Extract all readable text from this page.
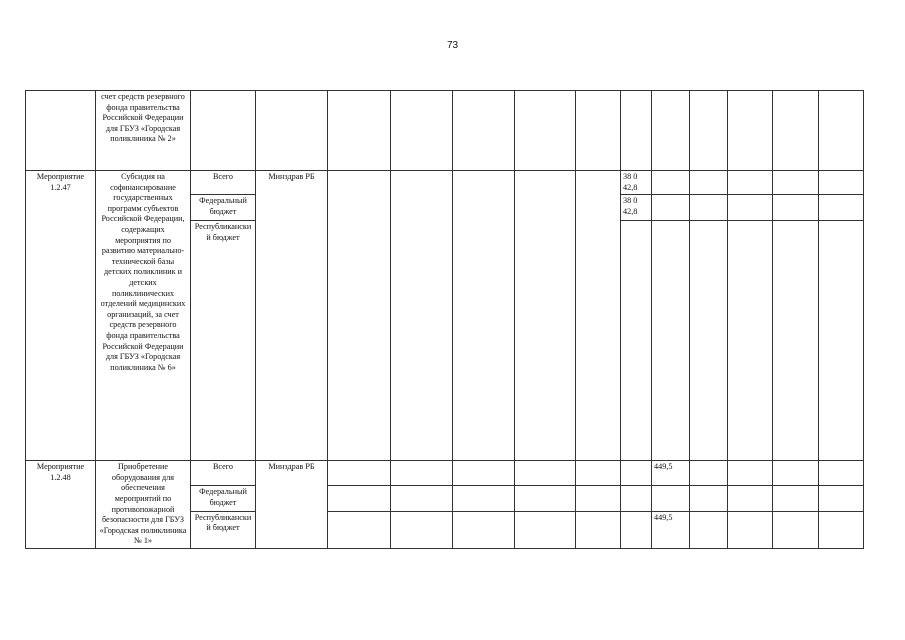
73
	счет средств резервного фонда правительства Российской Федерации для ГБУЗ «Городская поликлиника № 2»													
Мероприятие 1.2.47	Субсидия на софинансирование государственных программ субъектов Российской Федерации, содержащих мероприятия по развитию материально-технической базы детских поликлиник и детских поликлинических отделений медицинских организаций, за счет средств резервного фонда правительства Российской Федерации для ГБУЗ «Городская поликлиника № 6»	Всего	Минздрав РБ						38 0 42,8					
		Федеральный бюджет							38 0 42,8					
		Республиканский бюджет												
Мероприятие 1.2.48	Приобретение оборудования для обеспечения мероприятий по противопожарной безопасности для ГБУЗ «Городская поликлиника № 1»	Всего	Минздрав РБ							449,5				
		Федеральный бюджет												
		Республиканский бюджет								449,5				
